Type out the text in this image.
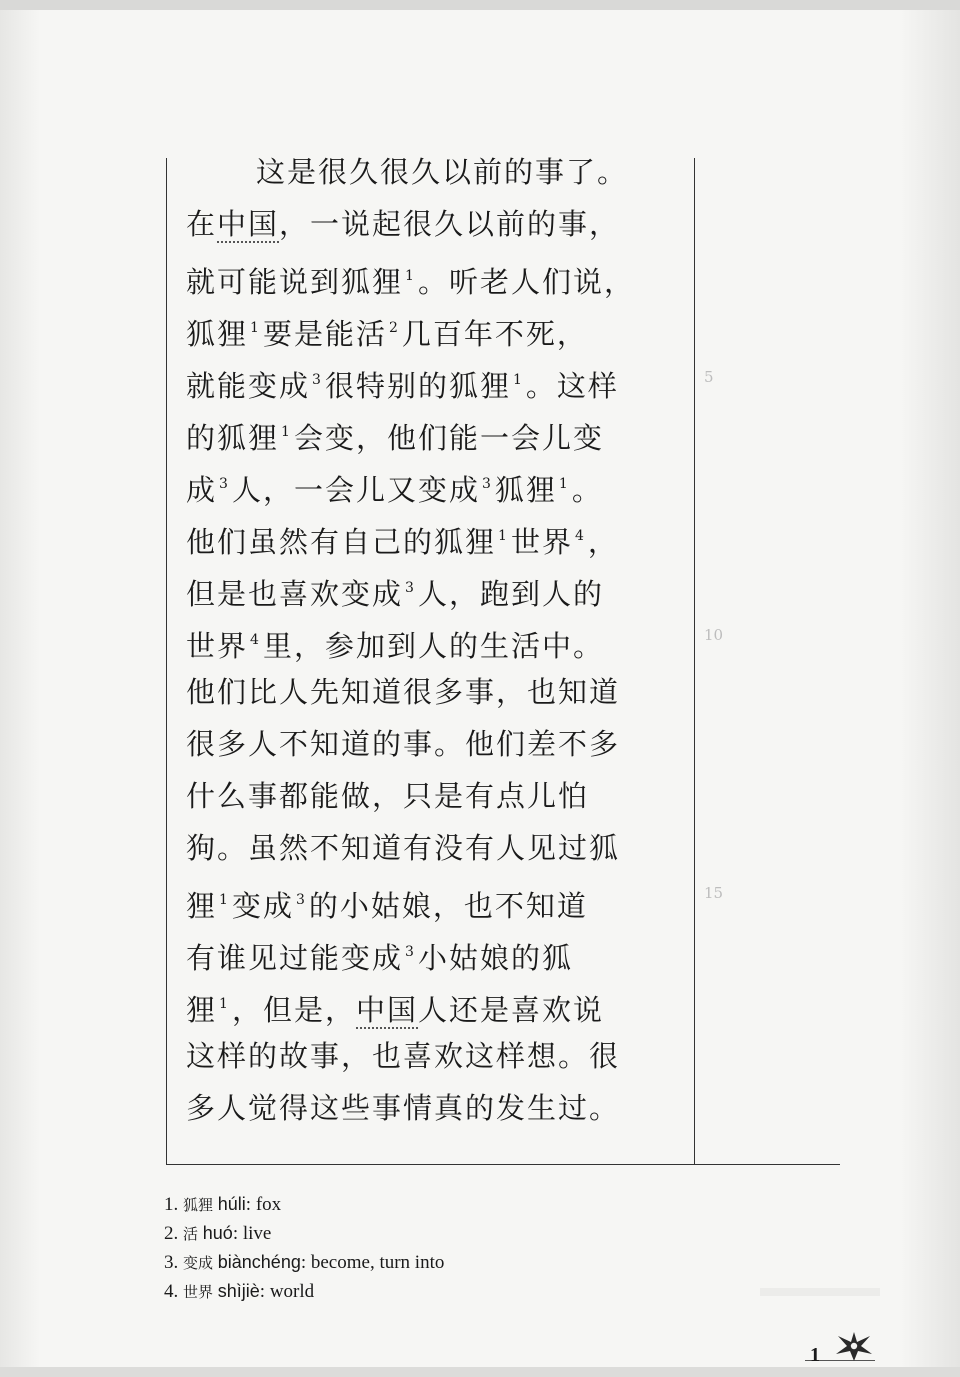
这是很久很久以前的事了。
在中国，一说起很久以前的事，
就可能说到狐狸 $^1$。听老人们说，
狐狸 $^1$要是能活 $^2$几百年不死，
就能变成 $^3$很特别的狐狸 $^1$。这样
的狐狸 $^1$会变，他们能一会儿变
成 $^3$人，一会儿又变成 $^3$狐狸 $^1$。
他们虽然有自己的狐狸 $^1$世界 $^4$，
但是也喜欢变成 $^3$人，跑到人的
世界 $^4$里，参加到人的生活中。
他们比人先知道很多事，也知道
很多人不知道的事。他们差不多
什么事都能做，只是有点儿怕
狗。虽然不知道有没有人见过狐
狸 $^1$变成 $^3$的小姑娘，也不知道
有谁见过能变成 $^3$小姑娘的狐
狸 $^1$，但是，中国人还是喜欢说
这样的故事，也喜欢这样想。很
多人觉得这些事情真的发生过。
5
10
15
1. 狐狸 húli: fox
2. 活 huó: live
3. 变成 biànchéng: become, turn into
4. 世界 shìjiè: world
1
